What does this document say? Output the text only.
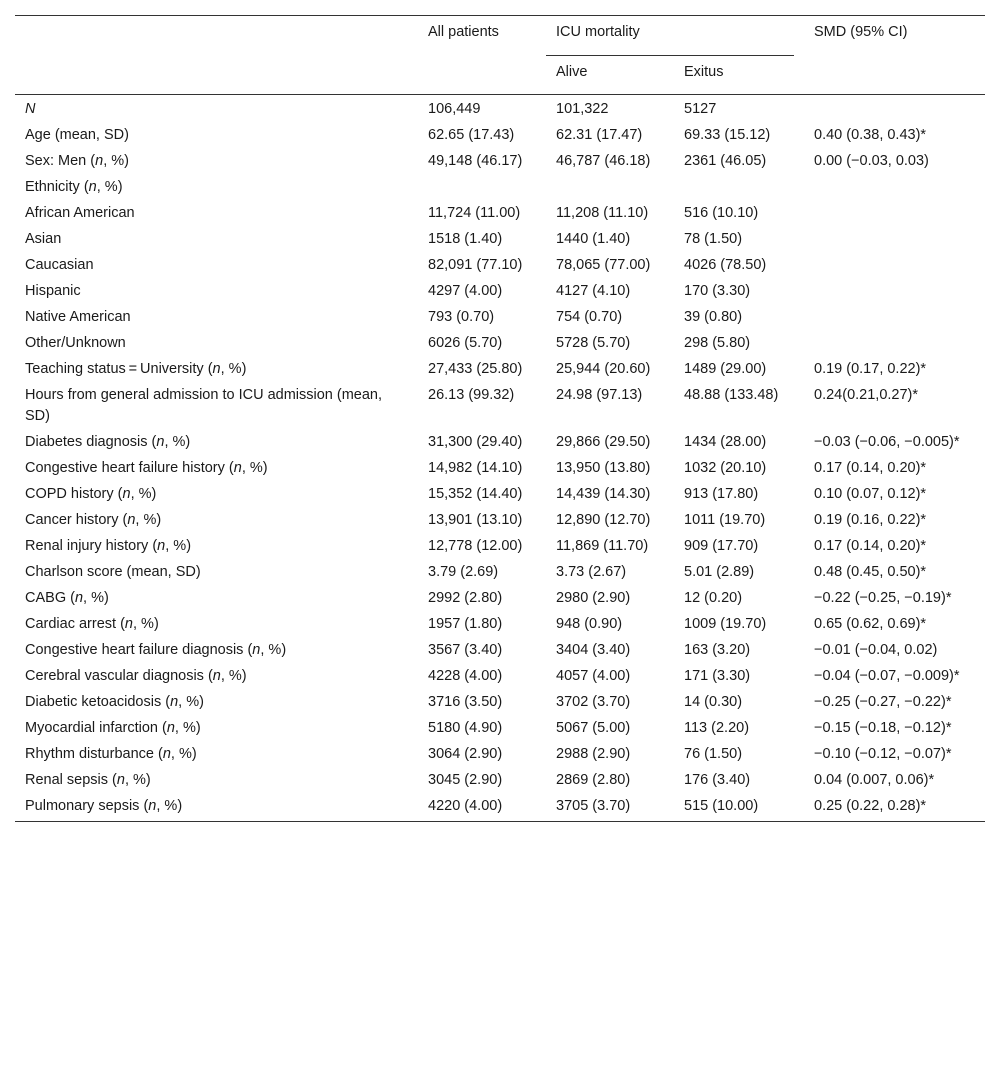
	All patients	ICU mortality		SMD (95% CI)
		Alive	Exitus	
N	106,449	101,322	5127	
Age (mean, SD)	62.65 (17.43)	62.31 (17.47)	69.33 (15.12)	0.40 (0.38, 0.43)*
Sex: Men (n, %)	49,148 (46.17)	46,787 (46.18)	2361 (46.05)	0.00 (−0.03, 0.03)
Ethnicity (n, %)				
African American	11,724 (11.00)	11,208 (11.10)	516 (10.10)	
Asian	1518 (1.40)	1440 (1.40)	78 (1.50)	
Caucasian	82,091 (77.10)	78,065 (77.00)	4026 (78.50)	
Hispanic	4297 (4.00)	4127 (4.10)	170 (3.30)	
Native American	793 (0.70)	754 (0.70)	39 (0.80)	
Other/Unknown	6026 (5.70)	5728 (5.70)	298 (5.80)	
Teaching status = University (n, %)	27,433 (25.80)	25,944 (20.60)	1489 (29.00)	0.19 (0.17, 0.22)*
Hours from general admission to ICU admission (mean, SD)	26.13 (99.32)	24.98 (97.13)	48.88 (133.48)	0.24(0.21,0.27)*
Diabetes diagnosis (n, %)	31,300 (29.40)	29,866 (29.50)	1434 (28.00)	−0.03 (−0.06, −0.005)*
Congestive heart failure history (n, %)	14,982 (14.10)	13,950 (13.80)	1032 (20.10)	0.17 (0.14, 0.20)*
COPD history (n, %)	15,352 (14.40)	14,439 (14.30)	913 (17.80)	0.10 (0.07, 0.12)*
Cancer history (n, %)	13,901 (13.10)	12,890 (12.70)	1011 (19.70)	0.19 (0.16, 0.22)*
Renal injury history (n, %)	12,778 (12.00)	11,869 (11.70)	909 (17.70)	0.17 (0.14, 0.20)*
Charlson score (mean, SD)	3.79 (2.69)	3.73 (2.67)	5.01 (2.89)	0.48 (0.45, 0.50)*
CABG (n, %)	2992 (2.80)	2980 (2.90)	12 (0.20)	−0.22 (−0.25, −0.19)*
Cardiac arrest (n, %)	1957 (1.80)	948 (0.90)	1009 (19.70)	0.65 (0.62, 0.69)*
Congestive heart failure diagnosis (n, %)	3567 (3.40)	3404 (3.40)	163 (3.20)	−0.01 (−0.04, 0.02)
Cerebral vascular diagnosis (n, %)	4228 (4.00)	4057 (4.00)	171 (3.30)	−0.04 (−0.07, −0.009)*
Diabetic ketoacidosis (n, %)	3716 (3.50)	3702 (3.70)	14 (0.30)	−0.25 (−0.27, −0.22)*
Myocardial infarction (n, %)	5180 (4.90)	5067 (5.00)	113 (2.20)	−0.15 (−0.18, −0.12)*
Rhythm disturbance (n, %)	3064 (2.90)	2988 (2.90)	76 (1.50)	−0.10 (−0.12, −0.07)*
Renal sepsis (n, %)	3045 (2.90)	2869 (2.80)	176 (3.40)	0.04 (0.007, 0.06)*
Pulmonary sepsis (n, %)	4220 (4.00)	3705 (3.70)	515 (10.00)	0.25 (0.22, 0.28)*
